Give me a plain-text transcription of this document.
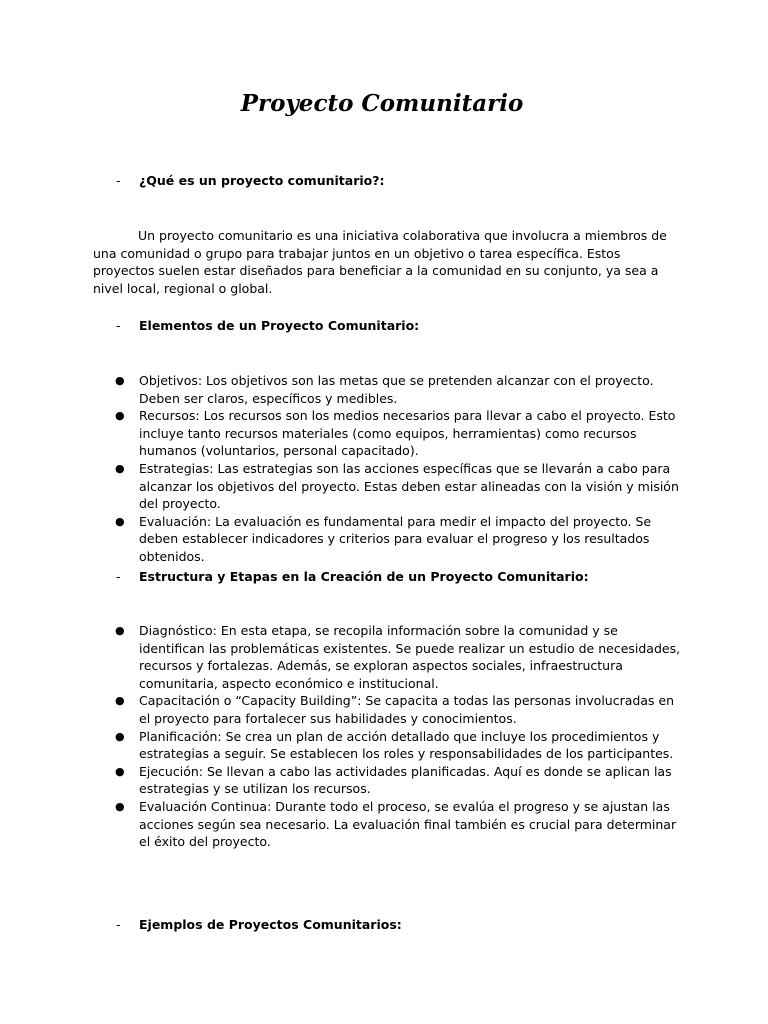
Proyecto Comunitario
- ¿Qué es un proyecto comunitario?:

Un proyecto comunitario es una iniciativa colaborativa que involucra a miembros de una comunidad o grupo para trabajar juntos en un objetivo o tarea específica. Estos proyectos suelen estar diseñados para beneficiar a la comunidad en su conjunto, ya sea a nivel local, regional o global.

- Elementos de un Proyecto Comunitario:
● Objetivos: Los objetivos son las metas que se pretenden alcanzar con el proyecto. Deben ser claros, específicos y medibles.
● Recursos: Los recursos son los medios necesarios para llevar a cabo el proyecto. Esto incluye tanto recursos materiales (como equipos, herramientas) como recursos humanos (voluntarios, personal capacitado).
● Estrategias: Las estrategias son las acciones específicas que se llevarán a cabo para alcanzar los objetivos del proyecto. Estas deben estar alineadas con la visión y misión del proyecto.
● Evaluación: La evaluación es fundamental para medir el impacto del proyecto. Se deben establecer indicadores y criterios para evaluar el progreso y los resultados obtenidos.
- Estructura y Etapas en la Creación de un Proyecto Comunitario:
● Diagnóstico: En esta etapa, se recopila información sobre la comunidad y se identifican las problemáticas existentes. Se puede realizar un estudio de necesidades, recursos y fortalezas. Además, se exploran aspectos sociales, infraestructura comunitaria, aspecto económico e institucional.
● Capacitación o “Capacity Building”: Se capacita a todas las personas involucradas en el proyecto para fortalecer sus habilidades y conocimientos.
● Planificación: Se crea un plan de acción detallado que incluye los procedimientos y estrategias a seguir. Se establecen los roles y responsabilidades de los participantes.
● Ejecución: Se llevan a cabo las actividades planificadas. Aquí es donde se aplican las estrategias y se utilizan los recursos.
● Evaluación Continua: Durante todo el proceso, se evalúa el progreso y se ajustan las acciones según sea necesario. La evaluación final también es crucial para determinar el éxito del proyecto.
- Ejemplos de Proyectos Comunitarios:
